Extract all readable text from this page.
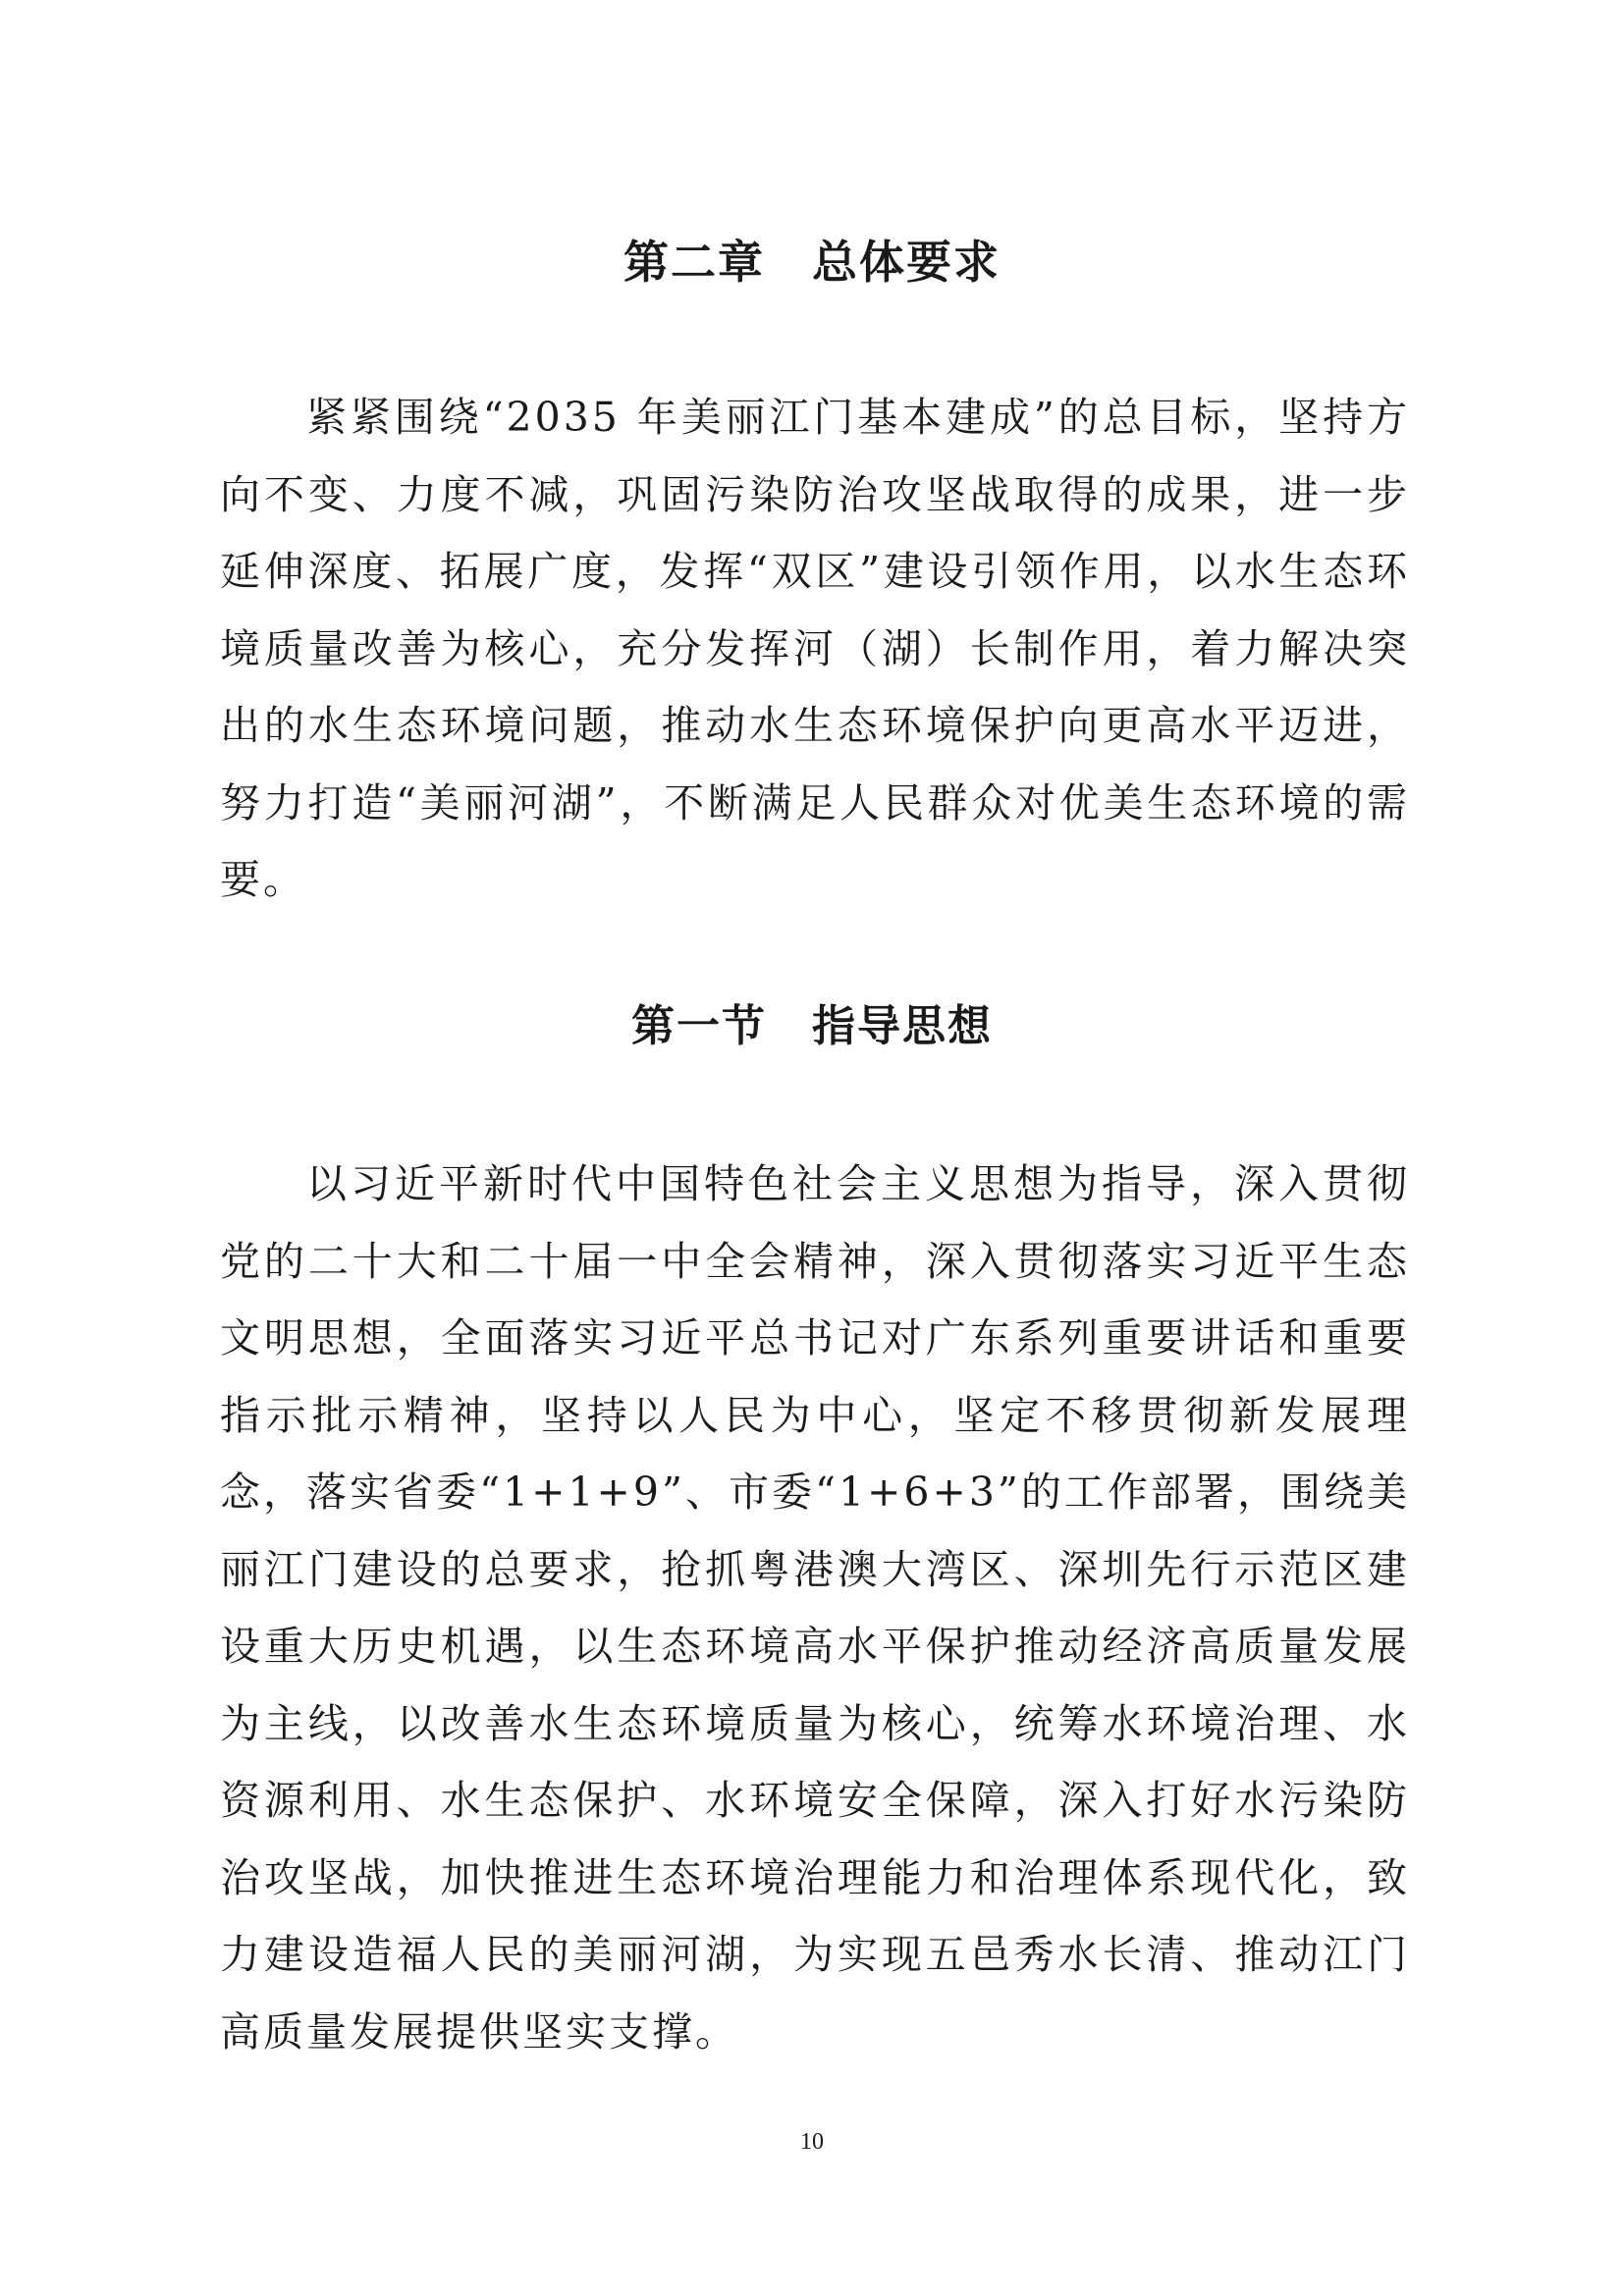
第二章　总体要求

紧紧围绕“2035 年美丽江门基本建成”的总目标，坚持方向不变、力度不减，巩固污染防治攻坚战取得的成果，进一步延伸深度、拓展广度，发挥“双区”建设引领作用，以水生态环境质量改善为核心，充分发挥河（湖）长制作用，着力解决突出的水生态环境问题，推动水生态环境保护向更高水平迈进，努力打造“美丽河湖”，不断满足人民群众对优美生态环境的需要。

第一节　指导思想

以习近平新时代中国特色社会主义思想为指导，深入贯彻党的二十大和二十届一中全会精神，深入贯彻落实习近平生态文明思想，全面落实习近平总书记对广东系列重要讲话和重要指示批示精神，坚持以人民为中心，坚定不移贯彻新发展理念，落实省委“1+1+9”、市委“1+6+3”的工作部署，围绕美丽江门建设的总要求，抢抓粤港澳大湾区、深圳先行示范区建设重大历史机遇，以生态环境高水平保护推动经济高质量发展为主线，以改善水生态环境质量为核心，统筹水环境治理、水资源利用、水生态保护、水环境安全保障，深入打好水污染防治攻坚战，加快推进生态环境治理能力和治理体系现代化，致力建设造福人民的美丽河湖，为实现五邑秀水长清、推动江门高质量发展提供坚实支撑。

10
